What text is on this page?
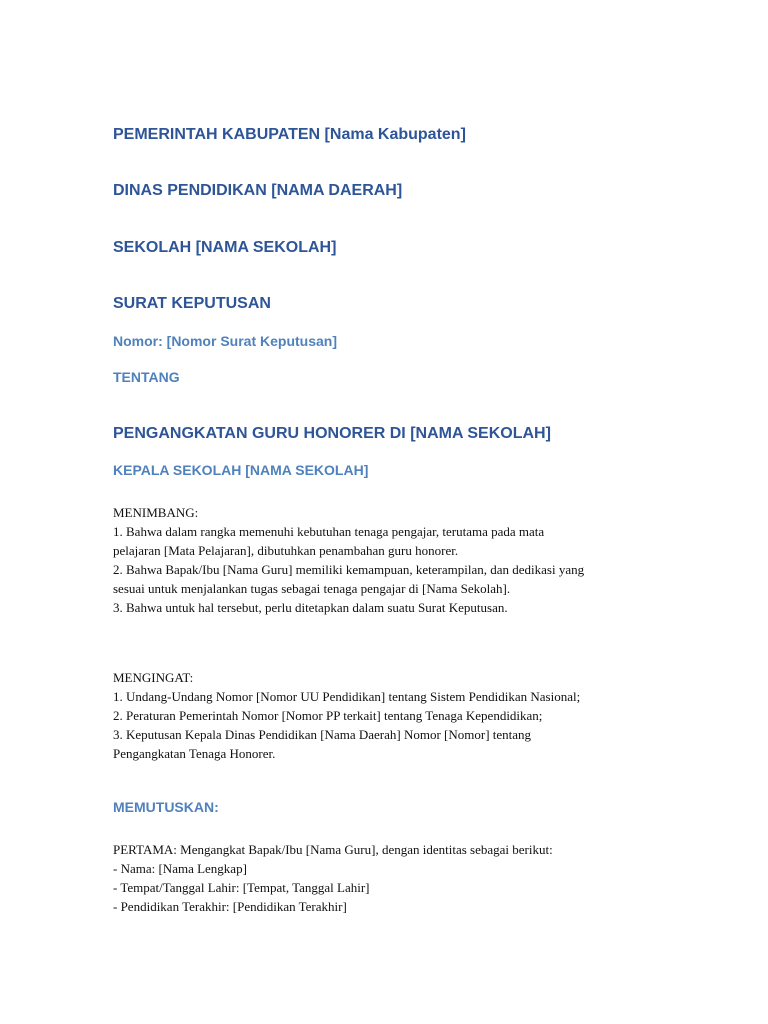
PEMERINTAH KABUPATEN [Nama Kabupaten]
DINAS PENDIDIKAN [NAMA DAERAH]
SEKOLAH [NAMA SEKOLAH]
SURAT KEPUTUSAN
Nomor: [Nomor Surat Keputusan]
TENTANG
PENGANGKATAN GURU HONORER DI [NAMA SEKOLAH]
KEPALA SEKOLAH [NAMA SEKOLAH]
MENIMBANG:
1. Bahwa dalam rangka memenuhi kebutuhan tenaga pengajar, terutama pada mata
pelajaran [Mata Pelajaran], dibutuhkan penambahan guru honorer.
2. Bahwa Bapak/Ibu [Nama Guru] memiliki kemampuan, keterampilan, dan dedikasi yang
sesuai untuk menjalankan tugas sebagai tenaga pengajar di [Nama Sekolah].
3. Bahwa untuk hal tersebut, perlu ditetapkan dalam suatu Surat Keputusan.
MENGINGAT:
1. Undang-Undang Nomor [Nomor UU Pendidikan] tentang Sistem Pendidikan Nasional;
2. Peraturan Pemerintah Nomor [Nomor PP terkait] tentang Tenaga Kependidikan;
3. Keputusan Kepala Dinas Pendidikan [Nama Daerah] Nomor [Nomor] tentang
Pengangkatan Tenaga Honorer.
MEMUTUSKAN:
PERTAMA: Mengangkat Bapak/Ibu [Nama Guru], dengan identitas sebagai berikut:
- Nama: [Nama Lengkap]
- Tempat/Tanggal Lahir: [Tempat, Tanggal Lahir]
- Pendidikan Terakhir: [Pendidikan Terakhir]
